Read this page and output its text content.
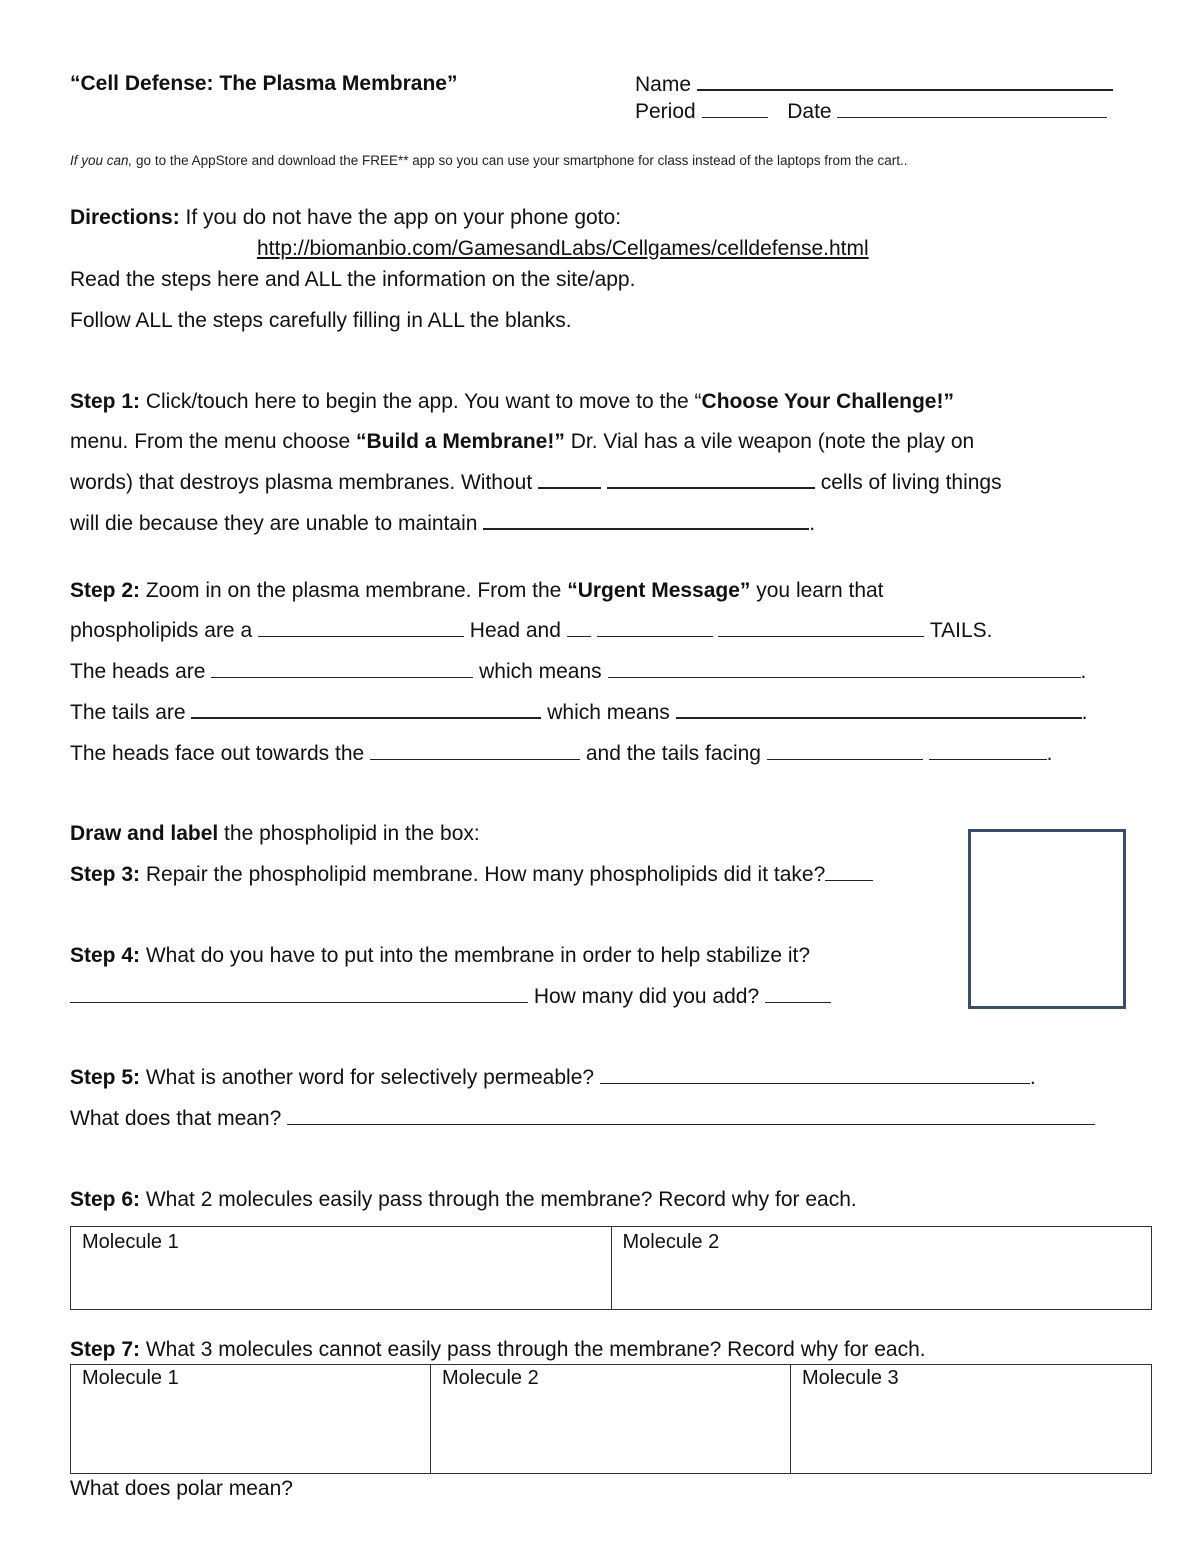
“Cell Defense: The Plasma Membrane”	Name
Period	Date
If you can, go to the AppStore and download the FREE** app so you can use your smartphone for class instead of the laptops from the cart..
Directions: If you do not have the app on your phone goto:
http://biomanbio.com/GamesandLabs/Cellgames/celldefense.html
Read the steps here and ALL the information on the site/app.
Follow ALL the steps carefully filling in ALL the blanks.
Step 1: Click/touch here to begin the app. You want to move to the “Choose Your Challenge!”
menu. From the menu choose “Build a Membrane!” Dr. Vial has a vile weapon (note the play on
words) that destroys plasma membranes. Without	cells of living things
will die because they are unable to maintain	.
Step 2: Zoom in on the plasma membrane. From the “Urgent Message” you learn that
phospholipids are a	Head and	TAILS.
The heads are	which means	.
The tails are	which means	.
The heads face out towards the	and the tails facing	.
Draw and label the phospholipid in the box:
Step 3: Repair the phospholipid membrane. How many phospholipids did it take?
Step 4: What do you have to put into the membrane in order to help stabilize it?
How many did you add?
Step 5: What is another word for selectively permeable?	.
What does that mean?
Step 6: What 2 molecules easily pass through the membrane? Record why for each.
Molecule 1	Molecule 2
Step 7: What 3 molecules cannot easily pass through the membrane? Record why for each.
Molecule 1	Molecule 2	Molecule 3
What does polar mean?
